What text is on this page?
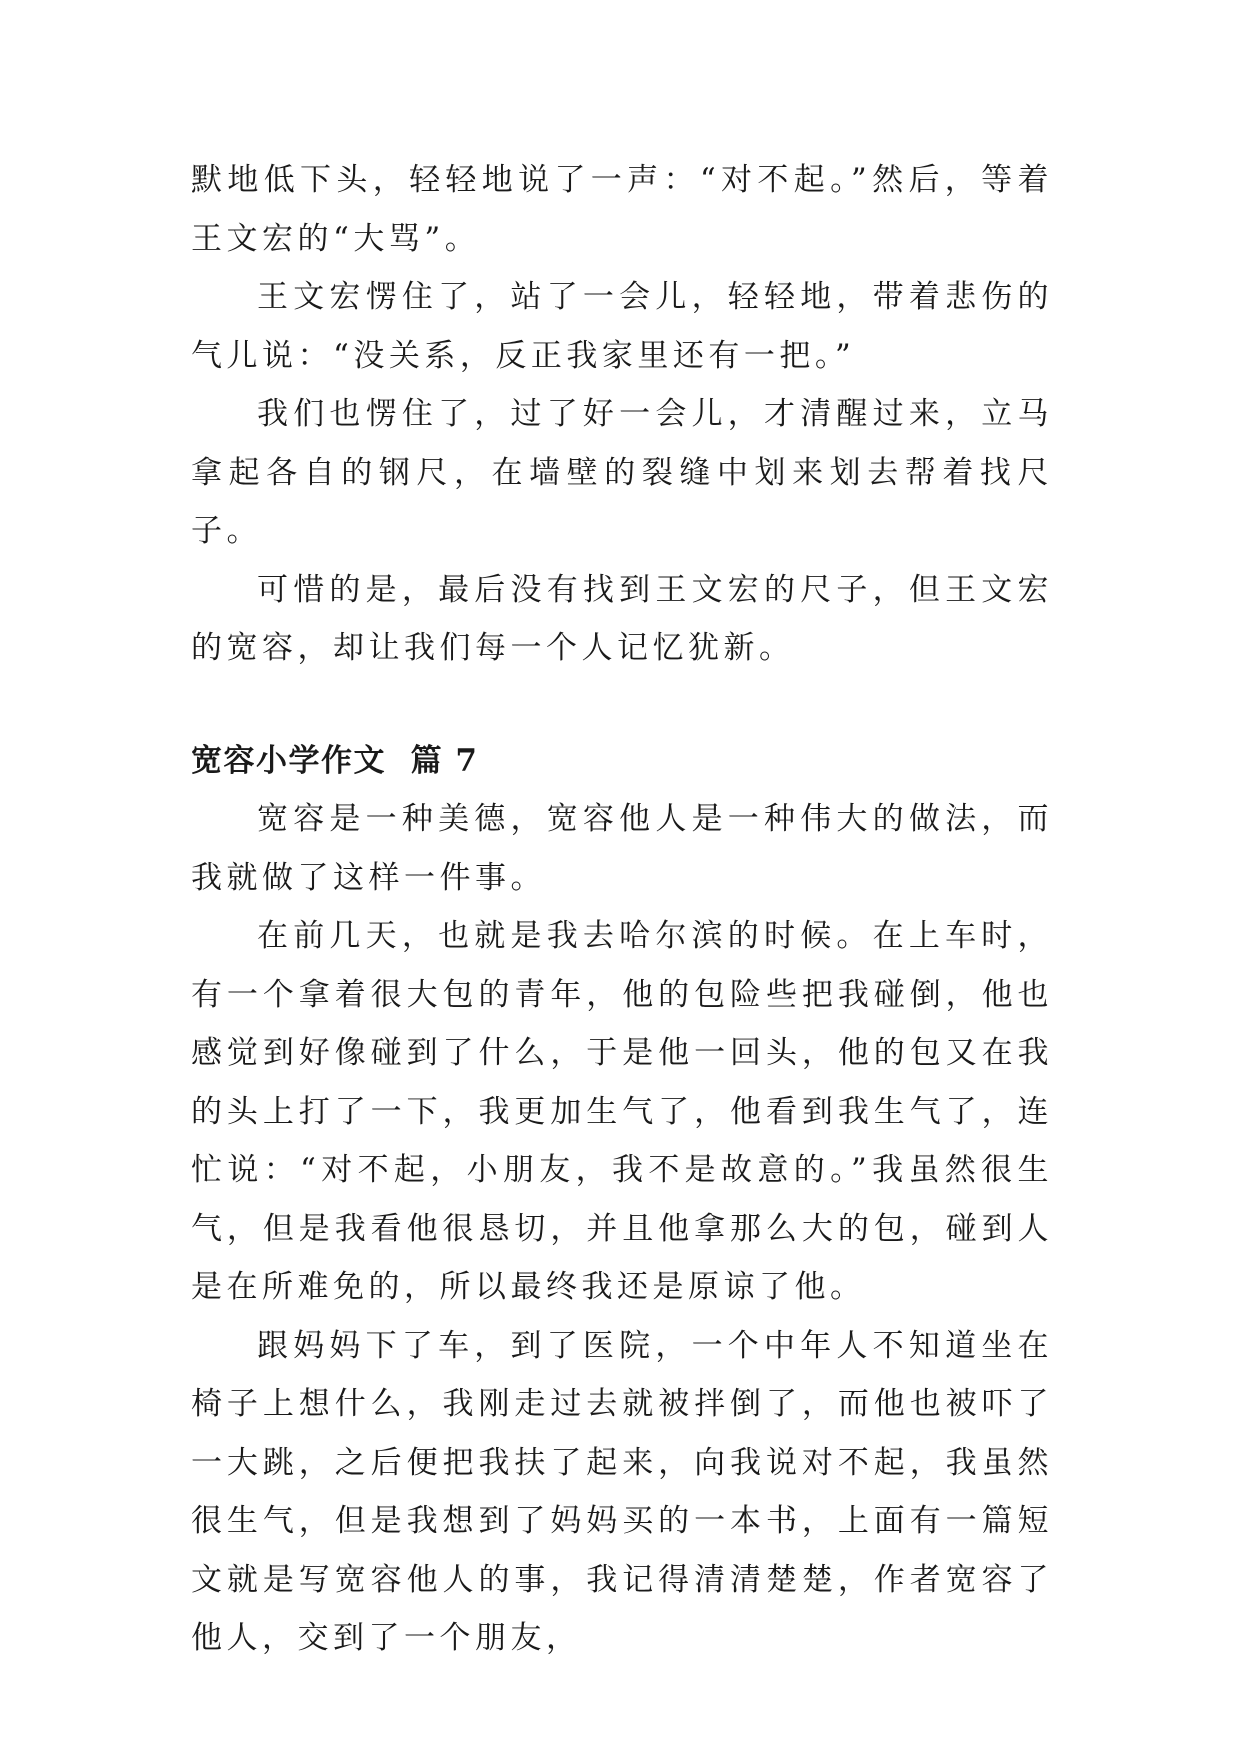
默地低下头，轻轻地说了一声：“对不起。”然后，等着王文宏的“大骂”。

王文宏愣住了，站了一会儿，轻轻地，带着悲伤的气儿说：“没关系，反正我家里还有一把。”

我们也愣住了，过了好一会儿，才清醒过来，立马拿起各自的钢尺，在墙壁的裂缝中划来划去帮着找尺子。

可惜的是，最后没有找到王文宏的尺子，但王文宏的宽容，却让我们每一个人记忆犹新。

宽容小学作文  篇 7

宽容是一种美德，宽容他人是一种伟大的做法，而我就做了这样一件事。

在前几天，也就是我去哈尔滨的时候。在上车时，有一个拿着很大包的青年，他的包险些把我碰倒，他也感觉到好像碰到了什么，于是他一回头，他的包又在我的头上打了一下，我更加生气了，他看到我生气了，连忙说：“对不起，小朋友，我不是故意的。”我虽然很生气，但是我看他很恳切，并且他拿那么大的包，碰到人是在所难免的，所以最终我还是原谅了他。

跟妈妈下了车，到了医院，一个中年人不知道坐在椅子上想什么，我刚走过去就被拌倒了，而他也被吓了一大跳，之后便把我扶了起来，向我说对不起，我虽然很生气，但是我想到了妈妈买的一本书，上面有一篇短文就是写宽容他人的事，我记得清清楚楚，作者宽容了他人，交到了一个朋友，
